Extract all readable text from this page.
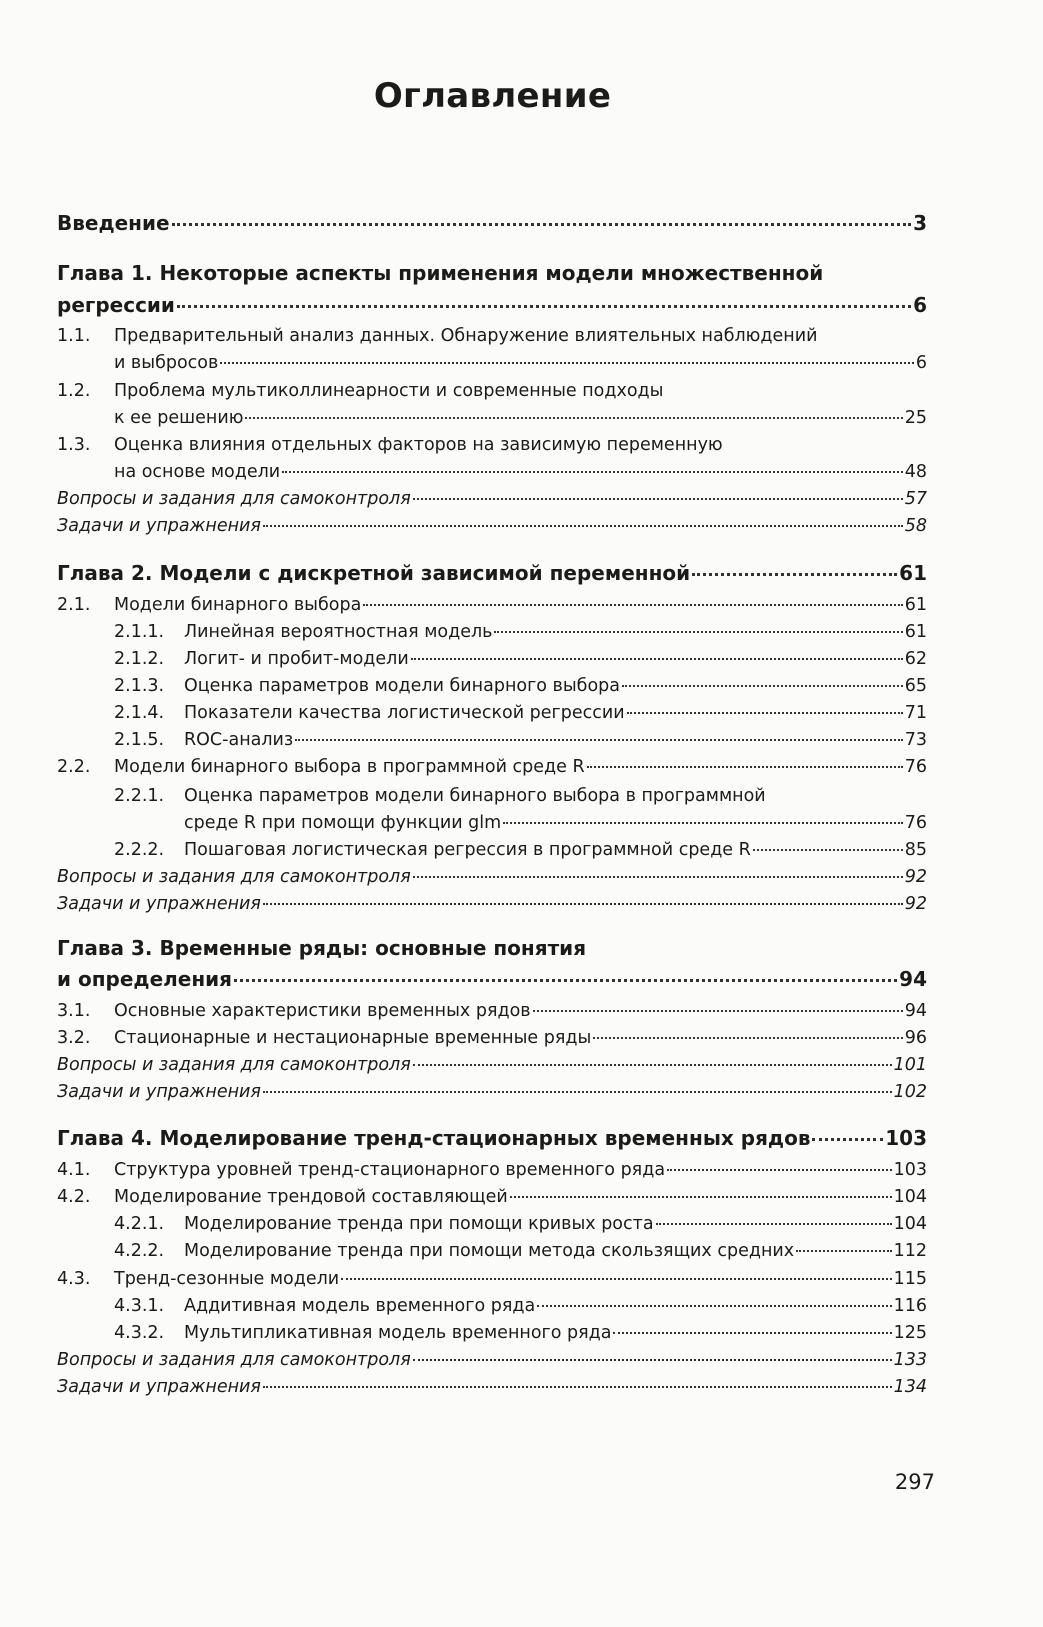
Оглавление
Введение	3
Глава 1. Некоторые аспекты применения модели множественной
регрессии	6
1.1.	Предварительный анализ данных. Обнаружение влиятельных наблюдений
и выбросов	6
1.2.	Проблема мультиколлинеарности и современные подходы
к ее решению	25
1.3.	Оценка влияния отдельных факторов на зависимую переменную
на основе модели	48
Вопросы и задания для самоконтроля	57
Задачи и упражнения	58
Глава 2. Модели с дискретной зависимой переменной	61
2.1.	Модели бинарного выбора	61
2.1.1.	Линейная вероятностная модель	61
2.1.2.	Логит- и пробит-модели	62
2.1.3.	Оценка параметров модели бинарного выбора	65
2.1.4.	Показатели качества логистической регрессии	71
2.1.5.	ROC-анализ	73
2.2.	Модели бинарного выбора в программной среде R	76
2.2.1.	Оценка параметров модели бинарного выбора в программной
среде R при помощи функции glm	76
2.2.2.	Пошаговая логистическая регрессия в программной среде R	85
Вопросы и задания для самоконтроля	92
Задачи и упражнения	92
Глава 3. Временные ряды: основные понятия
и определения	94
3.1.	Основные характеристики временных рядов	94
3.2.	Стационарные и нестационарные временные ряды	96
Вопросы и задания для самоконтроля	101
Задачи и упражнения	102
Глава 4. Моделирование тренд-стационарных временных рядов	103
4.1.	Структура уровней тренд-стационарного временного ряда	103
4.2.	Моделирование трендовой составляющей	104
4.2.1.	Моделирование тренда при помощи кривых роста	104
4.2.2.	Моделирование тренда при помощи метода скользящих средних	112
4.3.	Тренд-сезонные модели	115
4.3.1.	Аддитивная модель временного ряда	116
4.3.2.	Мультипликативная модель временного ряда	125
Вопросы и задания для самоконтроля	133
Задачи и упражнения	134
297
